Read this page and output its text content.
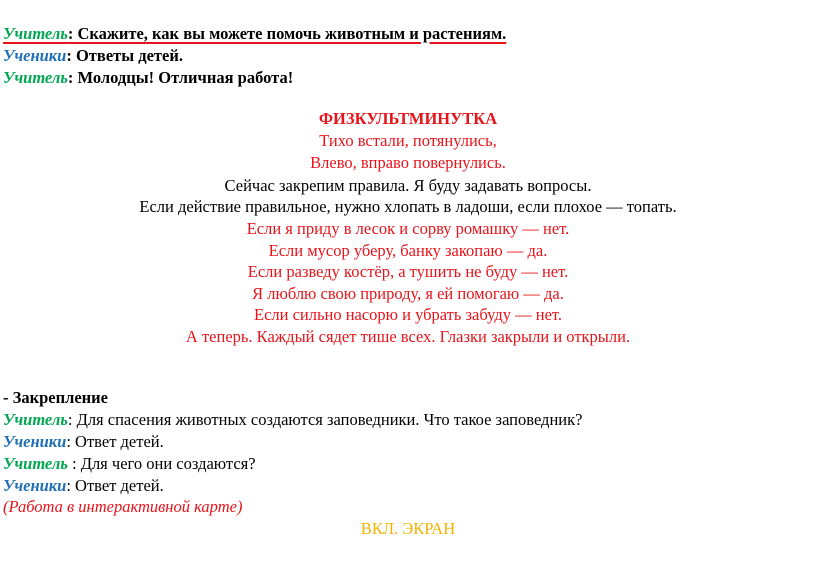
Учитель: Скажите, как вы можете помочь животным и растениям.
Ученики: Ответы детей.
Учитель: Молодцы! Отличная работа!
ФИЗКУЛЬТМИНУТКА
Тихо встали, потянулись,
Влево, вправо повернулись.
Сейчас закрепим правила. Я буду задавать вопросы.
Если действие правильное, нужно хлопать в ладоши, если плохое — топать.
Если я приду в лесок и сорву ромашку — нет.
Если мусор уберу, банку закопаю — да.
Если разведу костёр, а тушить не буду — нет.
Я люблю свою природу, я ей помогаю — да.
Если сильно насорю и убрать забуду — нет.
А теперь. Каждый сядет тише всех. Глазки закрыли и открыли.
- Закрепление
Учитель: Для спасения животных создаются заповедники. Что такое заповедник?
Ученики: Ответ детей.
Учитель : Для чего они создаются?
Ученики: Ответ детей.
(Работа в интерактивной карте)
ВКЛ. ЭКРАН
